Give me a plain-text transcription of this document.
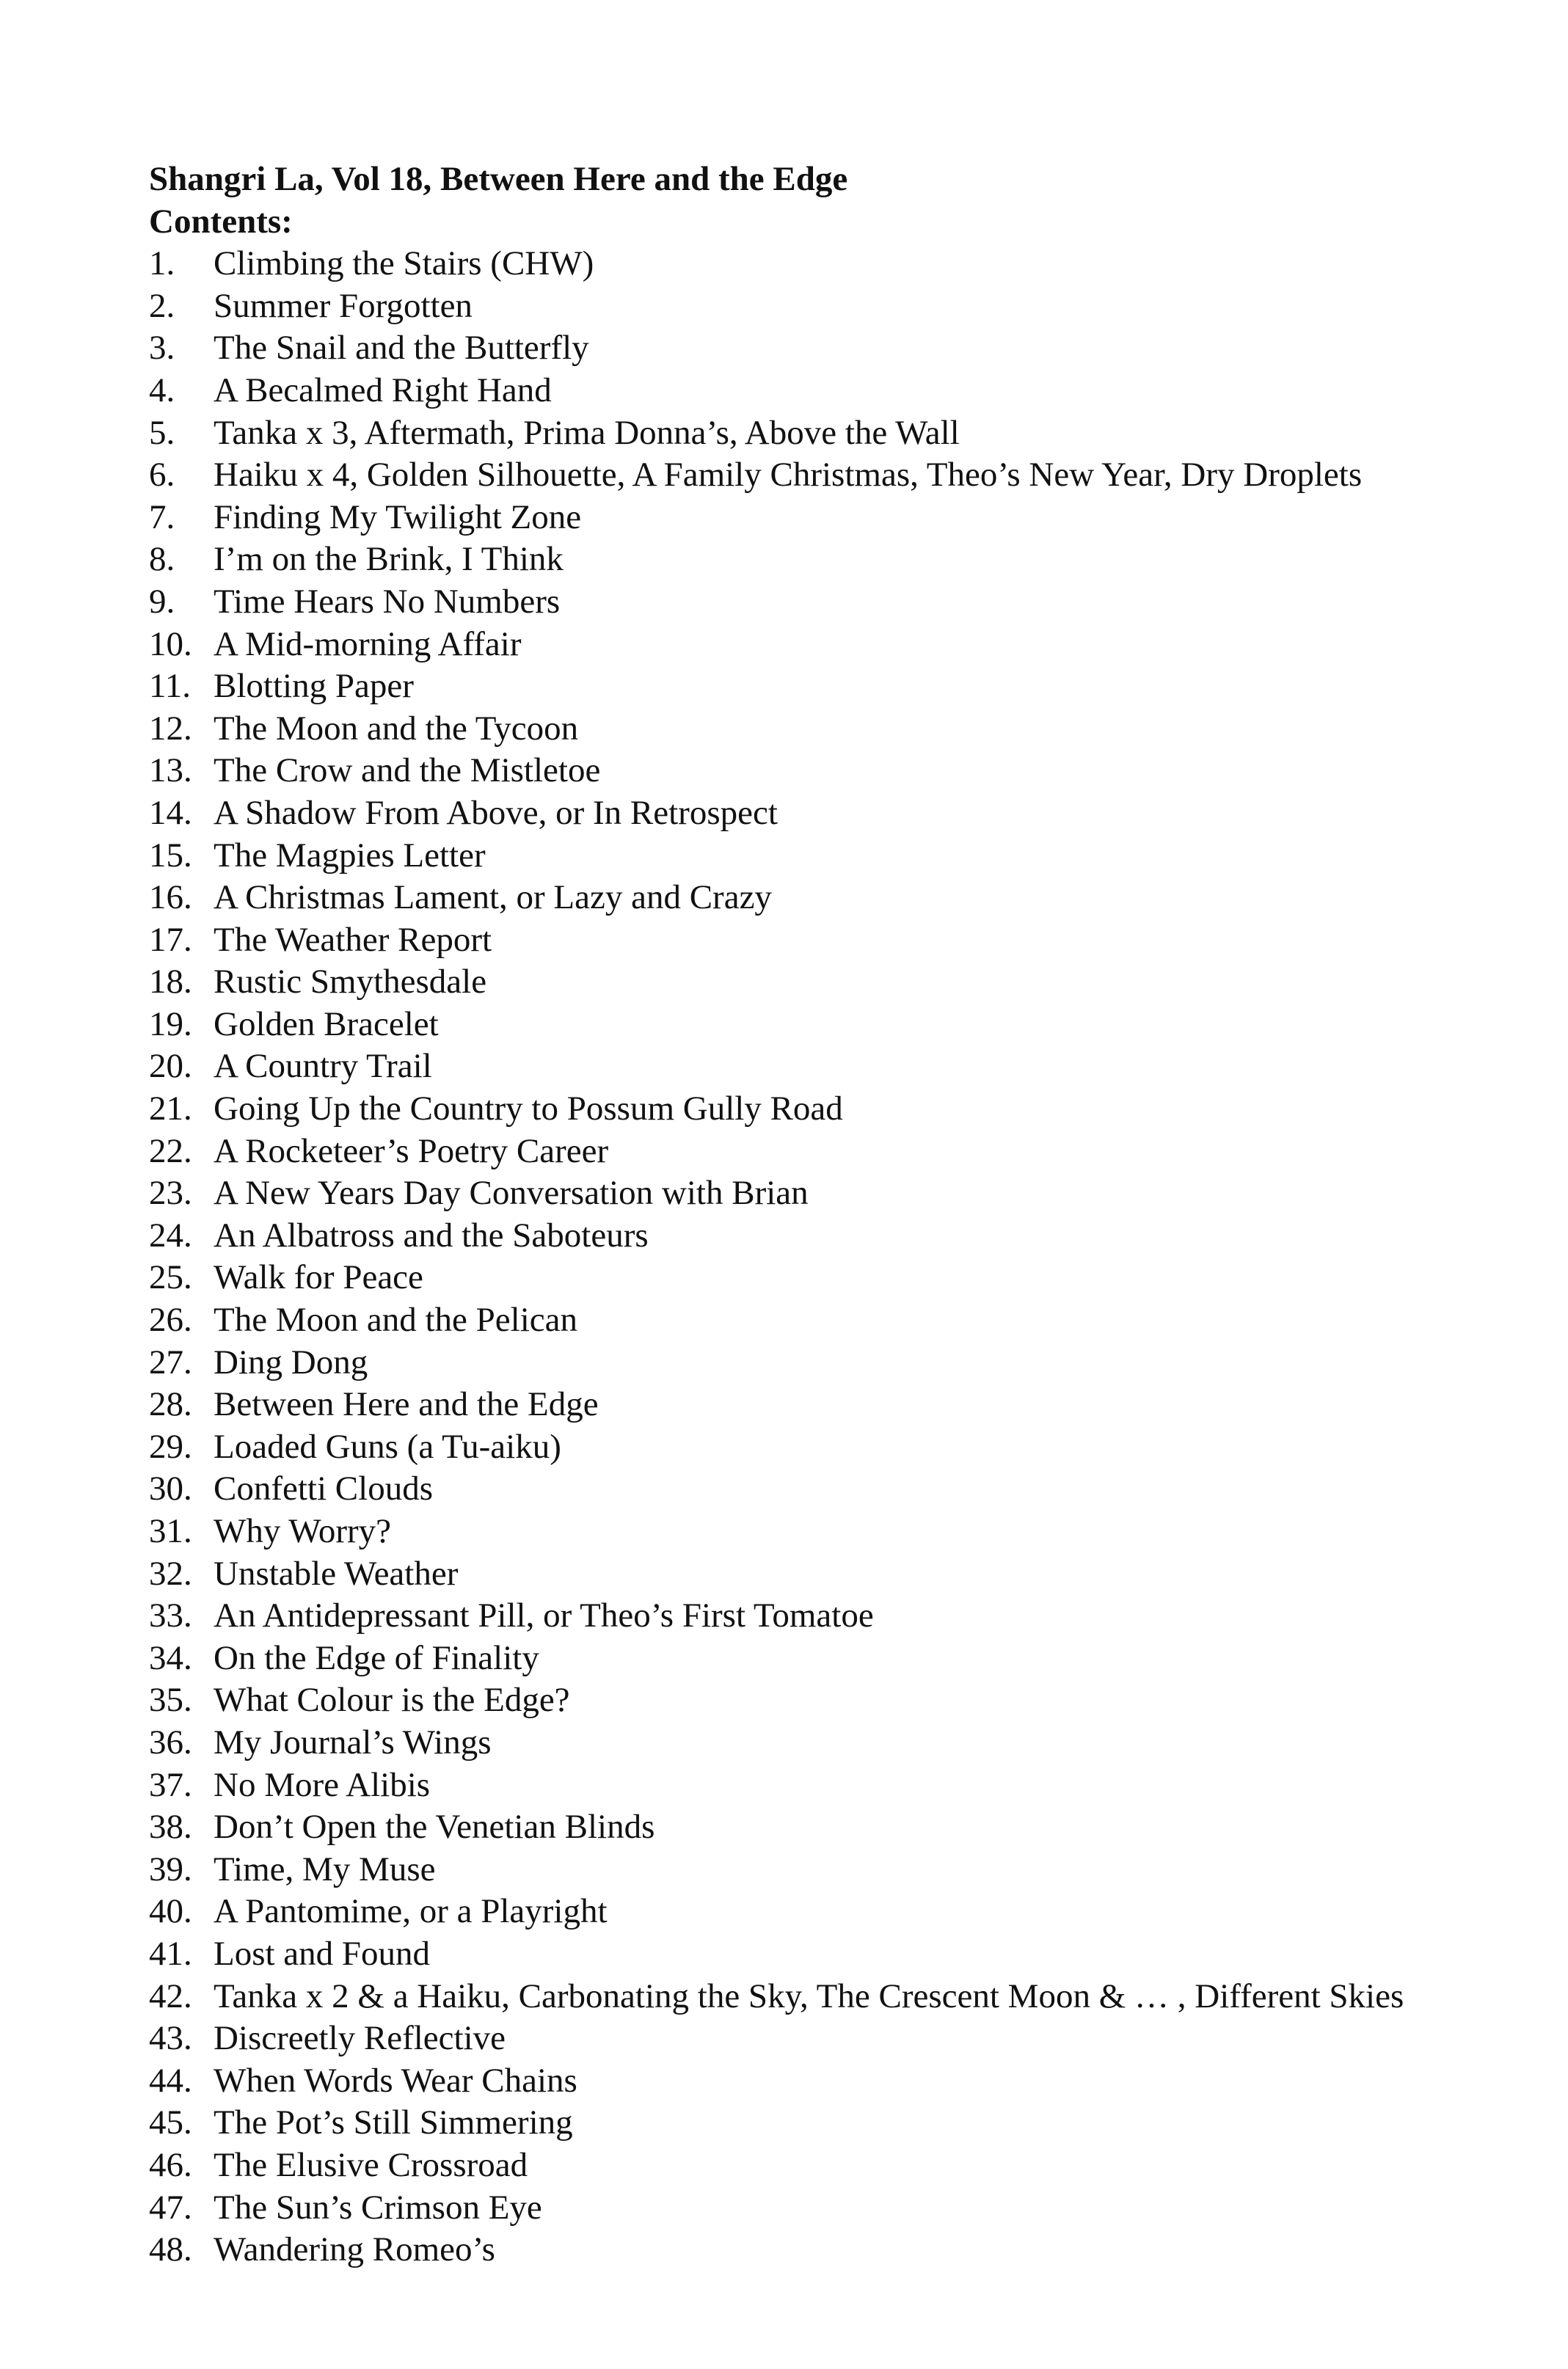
Shangri La, Vol 18, Between Here and the Edge
Contents:
1.	Climbing the Stairs (CHW)
2.	Summer Forgotten
3.	The Snail and the Butterfly
4.	A Becalmed Right Hand
5.	Tanka x 3, Aftermath, Prima Donna’s, Above the Wall
6.	Haiku x 4, Golden Silhouette, A Family Christmas, Theo’s New Year, Dry Droplets
7.	Finding My Twilight Zone
8.	I’m on the Brink, I Think
9.	Time Hears No Numbers
10. A Mid-morning Affair
11. Blotting Paper
12. The Moon and the Tycoon
13. The Crow and the Mistletoe
14. A Shadow From Above, or In Retrospect
15. The Magpies Letter
16. A Christmas Lament, or Lazy and Crazy
17. The Weather Report
18. Rustic Smythesdale
19. Golden Bracelet
20. A Country Trail
21. Going Up the Country to Possum Gully Road
22. A Rocketeer’s Poetry Career
23. A New Years Day Conversation with Brian
24. An Albatross and the Saboteurs
25. Walk for Peace
26. The Moon and the Pelican
27. Ding Dong
28. Between Here and the Edge
29. Loaded Guns (a Tu-aiku)
30. Confetti Clouds
31. Why Worry?
32. Unstable Weather
33. An Antidepressant Pill, or Theo’s First Tomatoe
34. On the Edge of Finality
35. What Colour is the Edge?
36. My Journal’s Wings
37. No More Alibis
38. Don’t Open the Venetian Blinds
39. Time, My Muse
40. A Pantomime, or a Playright
41. Lost and Found
42. Tanka x 2 & a Haiku, Carbonating the Sky, The Crescent Moon & … , Different Skies
43. Discreetly Reflective
44. When Words Wear Chains
45. The Pot’s Still Simmering
46. The Elusive Crossroad
47. The Sun’s Crimson Eye
48. Wandering Romeo’s
